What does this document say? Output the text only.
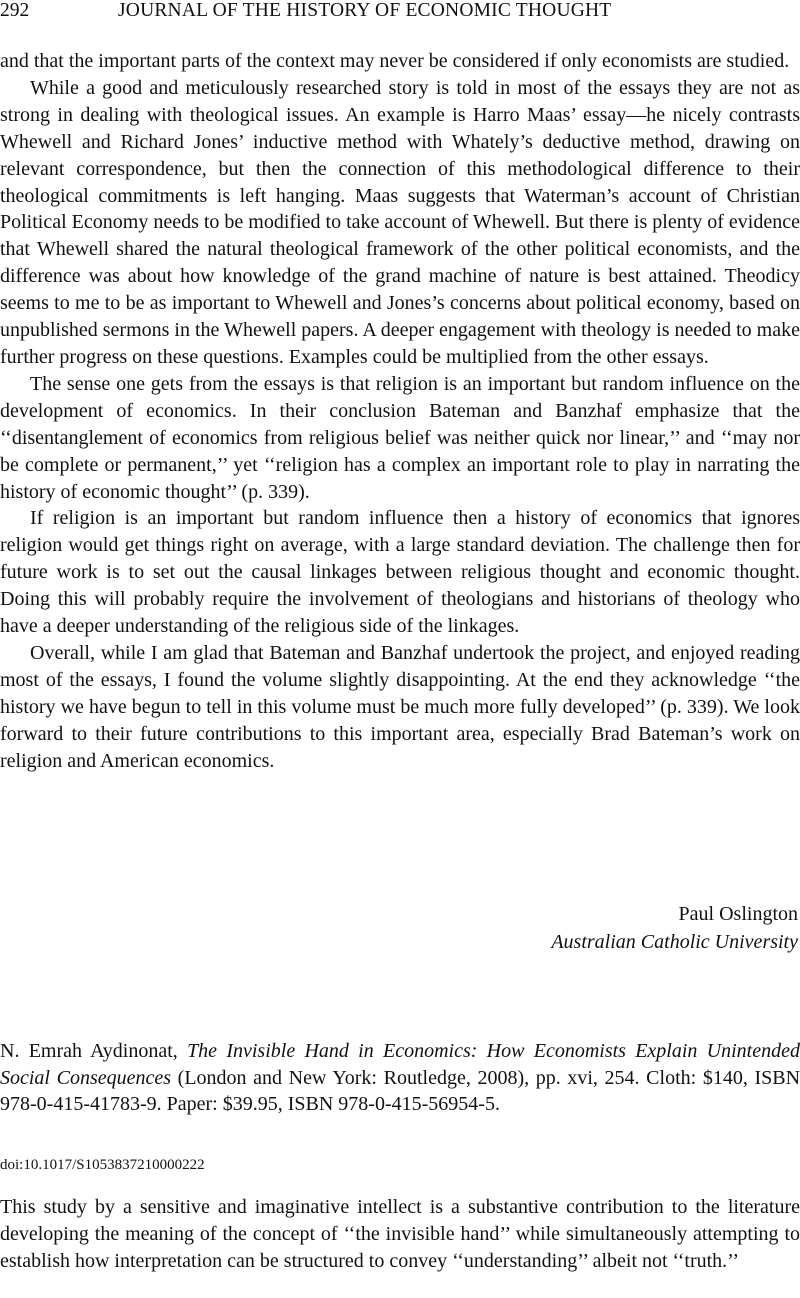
292	JOURNAL OF THE HISTORY OF ECONOMIC THOUGHT

and that the important parts of the context may never be considered if only economists are studied.

While a good and meticulously researched story is told in most of the essays they are not as strong in dealing with theological issues. An example is Harro Maas’ essay—he nicely contrasts Whewell and Richard Jones’ inductive method with Whately’s deductive method, drawing on relevant correspondence, but then the connection of this methodological difference to their theological commitments is left hanging. Maas suggests that Waterman’s account of Christian Political Economy needs to be modified to take account of Whewell. But there is plenty of evidence that Whewell shared the natural theological framework of the other political economists, and the difference was about how knowledge of the grand machine of nature is best attained. Theodicy seems to me to be as important to Whewell and Jones’s concerns about political economy, based on unpublished sermons in the Whewell papers. A deeper engagement with theology is needed to make further progress on these questions. Examples could be multiplied from the other essays.

The sense one gets from the essays is that religion is an important but random influence on the development of economics. In their conclusion Bateman and Banzhaf emphasize that the ‘‘disentanglement of economics from religious belief was neither quick nor linear,’’ and ‘‘may nor be complete or permanent,’’ yet ‘‘religion has a complex an important role to play in narrating the history of economic thought’’ (p. 339).

If religion is an important but random influence then a history of economics that ignores religion would get things right on average, with a large standard deviation. The challenge then for future work is to set out the causal linkages between religious thought and economic thought. Doing this will probably require the involvement of theologians and historians of theology who have a deeper understanding of the religious side of the linkages.

Overall, while I am glad that Bateman and Banzhaf undertook the project, and enjoyed reading most of the essays, I found the volume slightly disappointing. At the end they acknowledge ‘‘the history we have begun to tell in this volume must be much more fully developed’’ (p. 339). We look forward to their future contributions to this important area, especially Brad Bateman’s work on religion and American economics.

Paul Oslington
Australian Catholic University

N. Emrah Aydinonat, The Invisible Hand in Economics: How Economists Explain Unintended Social Consequences (London and New York: Routledge, 2008), pp. xvi, 254. Cloth: $140, ISBN 978-0-415-41783-9. Paper: $39.95, ISBN 978-0-415-56954-5.

doi:10.1017/S1053837210000222

This study by a sensitive and imaginative intellect is a substantive contribution to the literature developing the meaning of the concept of ‘‘the invisible hand’’ while simultaneously attempting to establish how interpretation can be structured to convey ‘‘understanding’’ albeit not ‘‘truth.’’
